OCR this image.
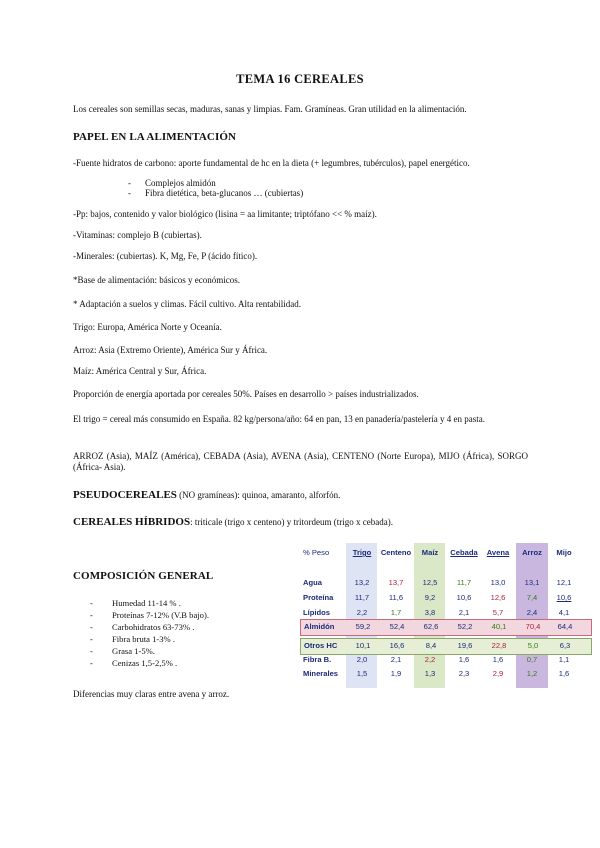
TEMA 16 CEREALES
Los cereales son semillas secas, maduras, sanas y limpias. Fam. Gramíneas. Gran utilidad en la alimentación.
PAPEL EN LA ALIMENTACIÓN
-Fuente hidratos de carbono: aporte fundamental de hc en la dieta (+ legumbres, tubérculos), papel energético.
- Complejos almidón
- Fibra dietética, beta-glucanos … (cubiertas)
-Pp: bajos, contenido y valor biológico (lisina = aa limitante; triptófano << % maíz).
-Vitaminas: complejo B (cubiertas).
-Minerales: (cubiertas). K, Mg, Fe, P (ácido fítico).
*Base de alimentación: básicos y económicos.
* Adaptación a suelos y climas. Fácil cultivo. Alta rentabilidad.
Trigo: Europa, América Norte y Oceanía.
Arroz: Asia (Extremo Oriente), América Sur y África.
Maíz: América Central y Sur, África.
Proporción de energía aportada por cereales 50%. Países en desarrollo > países industrializados.
El trigo = cereal más consumido en España. 82 kg/persona/año: 64 en pan, 13 en panadería/pastelería y 4 en pasta.
ARROZ (Asia), MAÍZ (América), CEBADA (Asia), AVENA (Asia), CENTENO (Norte Europa), MIJO (África), SORGO (África- Asia).
PSEUDOCEREALES (NO gramíneas): quinoa, amaranto, alforfón.
CEREALES HÍBRIDOS: triticale (trigo x centeno) y tritordeum (trigo x cebada).
COMPOSICIÓN GENERAL
- Humedad 11-14 % .
- Proteínas 7-12% (V.B bajo).
- Carbohidratos 63-73% .
- Fibra bruta 1-3% .
- Grasa 1-5%.
- Cenizas 1,5-2,5% .
Diferencias muy claras entre avena y arroz.
% Peso	Trigo	Centeno	Maíz	Cebada	Avena	Arroz	Mijo
Agua	13,2	13,7	12,5	11,7	13,0	13,1	12,1
Proteína	11,7	11,6	9,2	10,6	12,6	7,4	10,6
Lípidos	2,2	1,7	3,8	2,1	5,7	2,4	4,1
Almidón	59,2	52,4	62,6	52,2	40,1	70,4	64,4
Otros HC	10,1	16,6	8,4	19,6	22,8	5,0	6,3
Fibra B.	2,0	2,1	2,2	1,6	1,6	0,7	1,1
Minerales	1,5	1,9	1,3	2,3	2,9	1,2	1,6
